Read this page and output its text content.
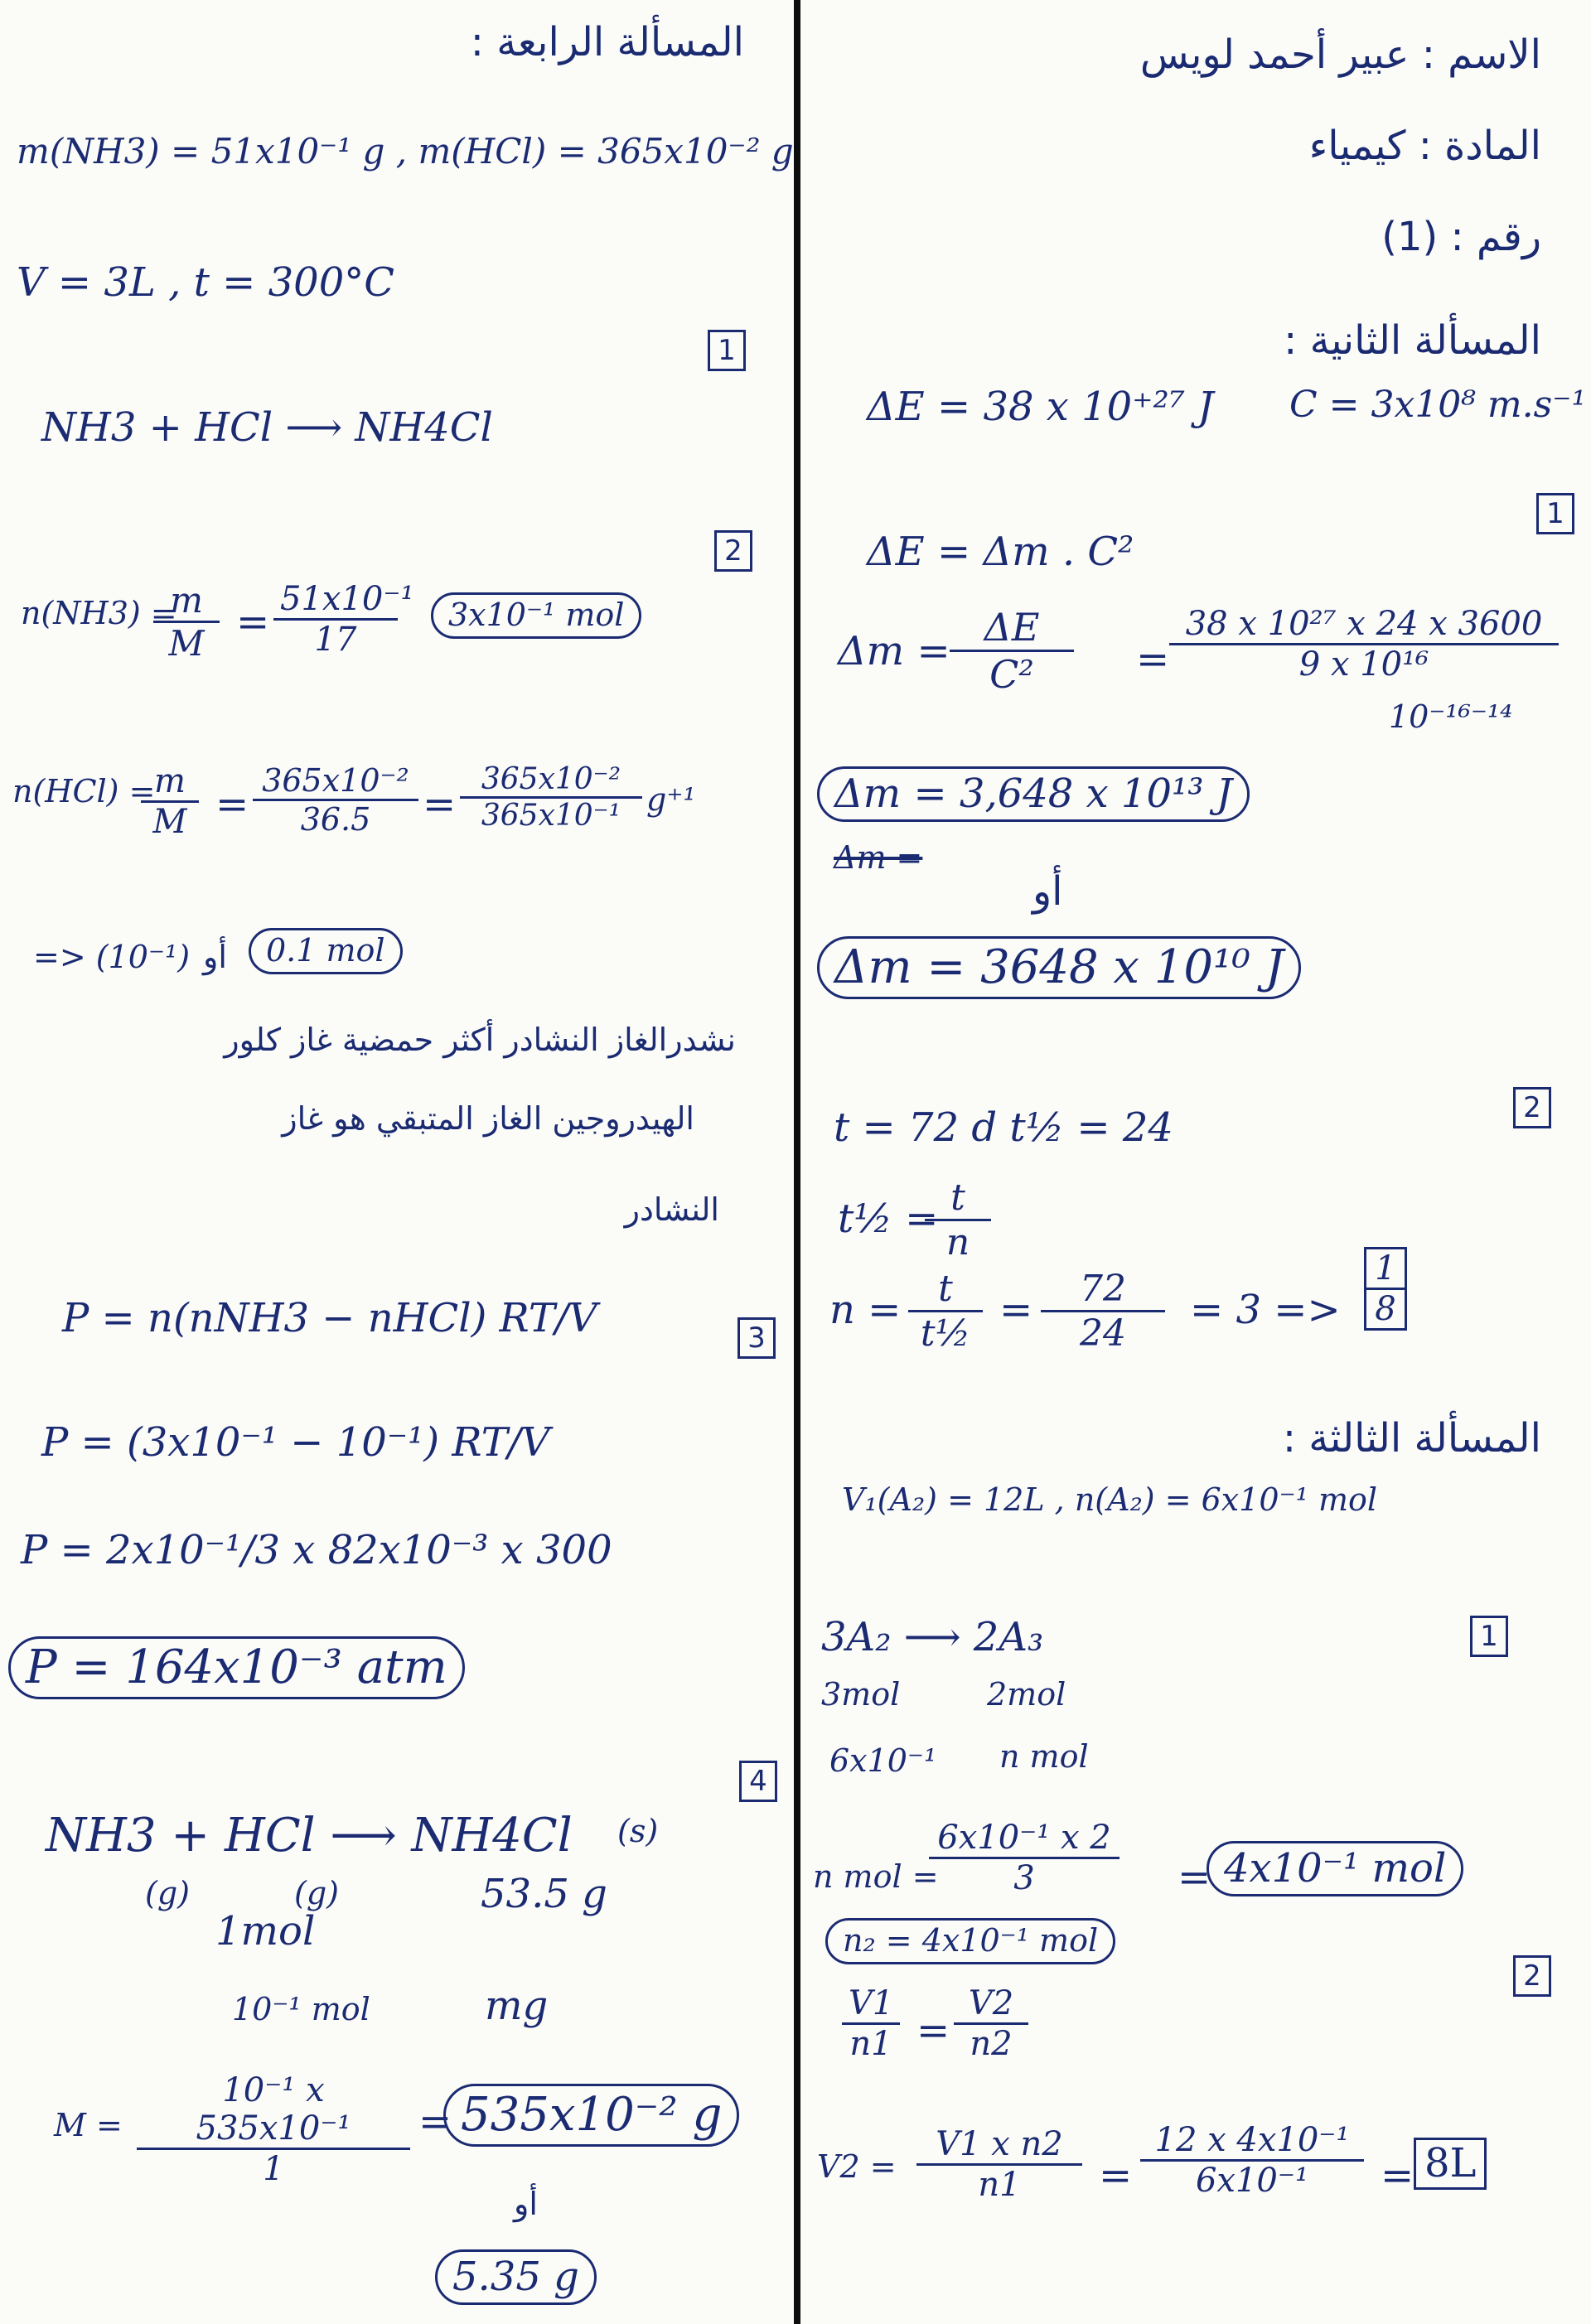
الاسم : عبير أحمد لويس
المادة : كيمياء
رقم : (1)
المسألة الثانية :
ΔE = 38 x 10⁺²⁷ J C = 3x10⁸ m.s⁻¹
1
ΔE = Δm . C²
$\Delta m = \frac{\Delta E}{\text{C²}} = \frac{\text{38 x 10²⁷ x 24 x 3600}}{\text{9 x 10¹⁶}}$
10⁻¹⁶⁻¹⁴
Δm = 3,648 x 10¹³ J
Δm =
أو
Δm = 3648 x 10¹⁰ J
2
t = 72 d t½ = 24
t½ =
$\frac{t}{n}$
$n = \frac{t}{\text{t½}} = \frac{72}{24} = 3 => \frac{1}{8}$
المسألة الثالثة :
V₁(A₂) = 12L , n(A₂) = 6x10⁻¹ mol
1
3A₂ ⟶ 2A₃
3mol	2mol
6x10⁻¹ n mol
n mol =
$\frac{\text{6x10⁻¹ x 2}}{3} = 4x10^{-1}$ mol
n₂ = 4x10⁻¹ mol
2
$\frac{V1}{n1} = \frac{V2}{n2}$
$V2 = \frac{\text{V1 x n2}}{n1} = \frac{\text{12 x 4x10⁻¹}}{\text{6x10⁻¹}} = 8L$
المسألة الرابعة :
m(NH3) = 51x10⁻¹ g , m(HCl) = 365x10⁻² g
V = 3L , t = 300°C
1
NH3 + HCl ⟶ NH4Cl
2
n(NH3) =
$\frac{m}{M} = \frac{\text{51x10⁻¹}}{17}$	3x10⁻¹ mol
n(HCl) =
$\frac{m}{M} = \frac{\text{365x10⁻²}}{36.5} = \frac{\text{365x10⁻²}}{\text{365x10⁻¹}} g^{+1}$
=> (10⁻¹) أو	0.1 mol
نشدرالغاز النشادر أكثر حمضية غاز كلور
الهيدروجين الغاز المتبقي هو غاز
النشادر
3
P = n(nNH3 − nHCl) RT/V
P = (3x10⁻¹ − 10⁻¹) RT/V
P = 2x10⁻¹/3 x 82x10⁻³ x 300
P = 164x10⁻³ atm
4
NH3 + HCl ⟶ NH4Cl
(g)	(g)
(s)
53.5 g
1mol
10⁻¹ mol	mg
$M = \frac{\text{10⁻¹ x 535x10⁻¹}}{1} = 535x10^{-2}$ g
أو
5.35 g
